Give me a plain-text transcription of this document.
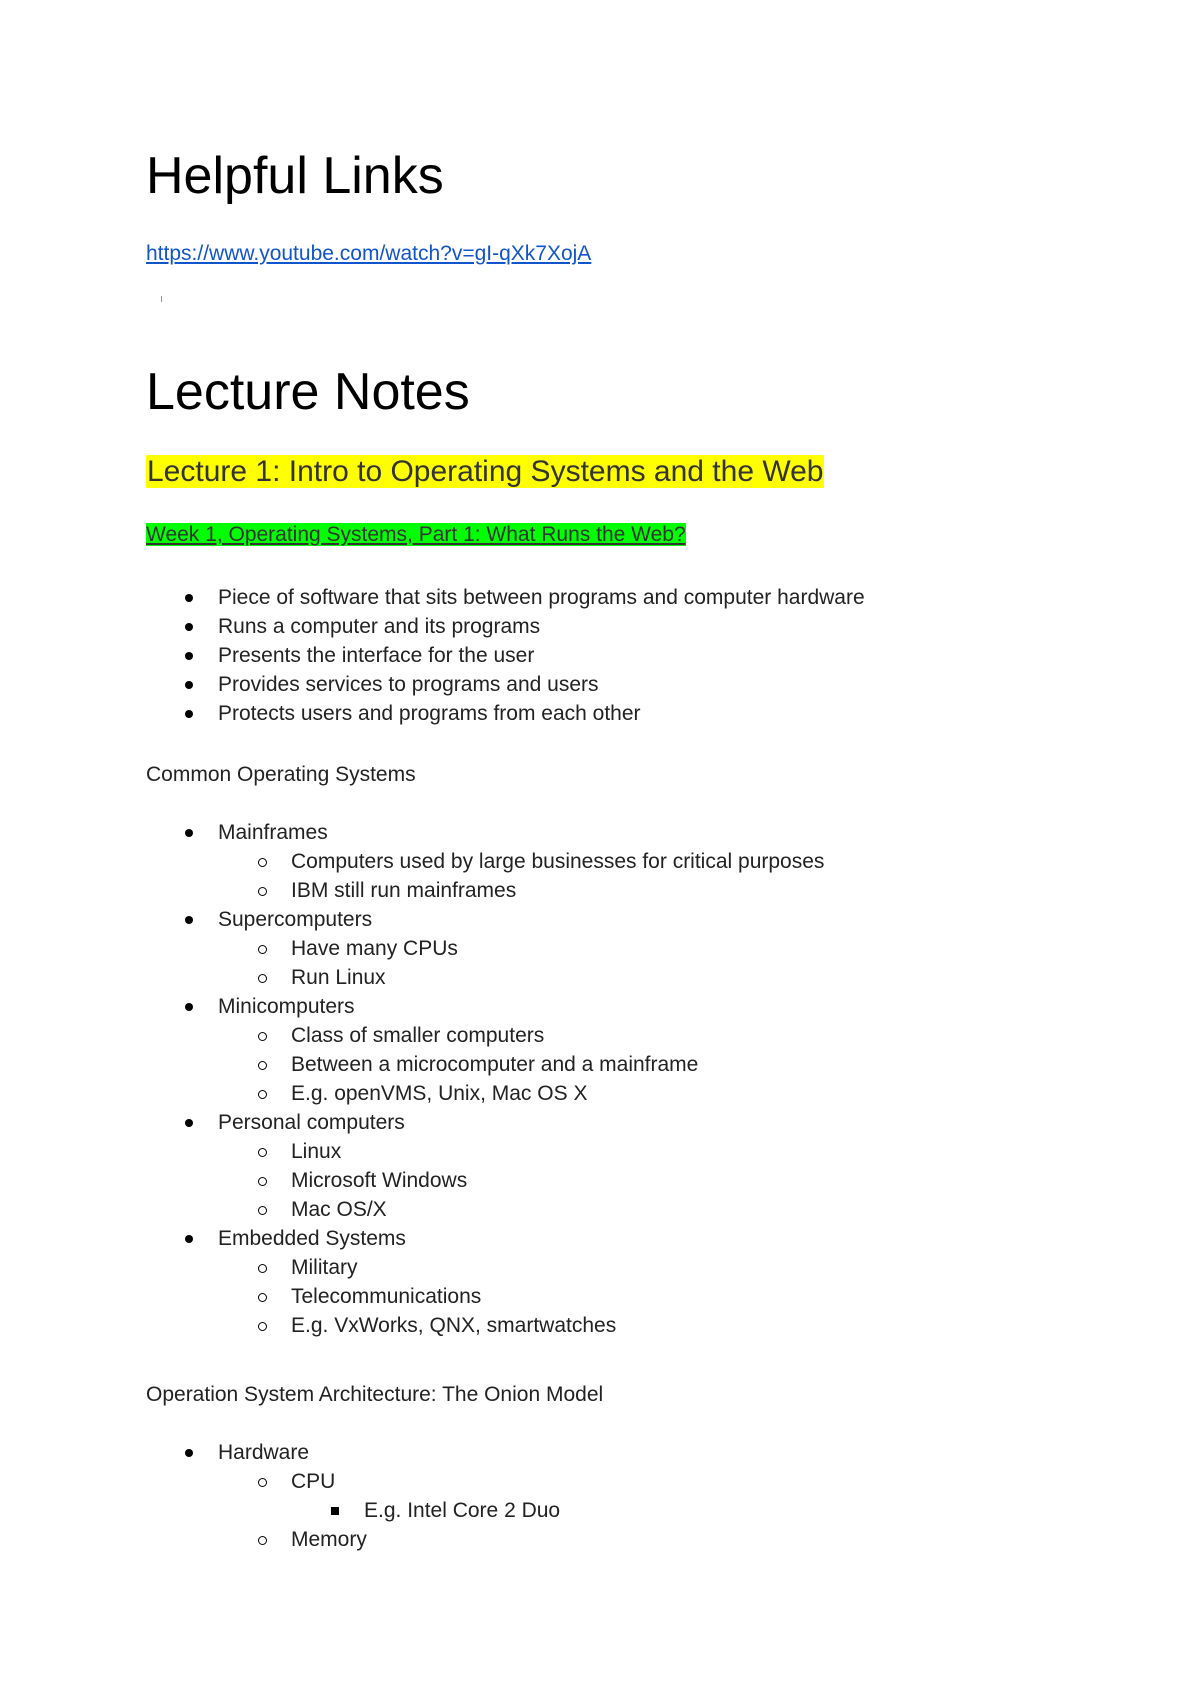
Helpful Links
https://www.youtube.com/watch?v=gI-qXk7XojA
Lecture Notes
Lecture 1: Intro to Operating Systems and the Web
Week 1, Operating Systems, Part 1: What Runs the Web?
Piece of software that sits between programs and computer hardware
Runs a computer and its programs
Presents the interface for the user
Provides services to programs and users
Protects users and programs from each other
Common Operating Systems
Mainframes
Computers used by large businesses for critical purposes
IBM still run mainframes
Supercomputers
Have many CPUs
Run Linux
Minicomputers
Class of smaller computers
Between a microcomputer and a mainframe
E.g. openVMS, Unix, Mac OS X
Personal computers
Linux
Microsoft Windows
Mac OS/X
Embedded Systems
Military
Telecommunications
E.g. VxWorks, QNX, smartwatches
Operation System Architecture: The Onion Model
Hardware
CPU
E.g. Intel Core 2 Duo
Memory
